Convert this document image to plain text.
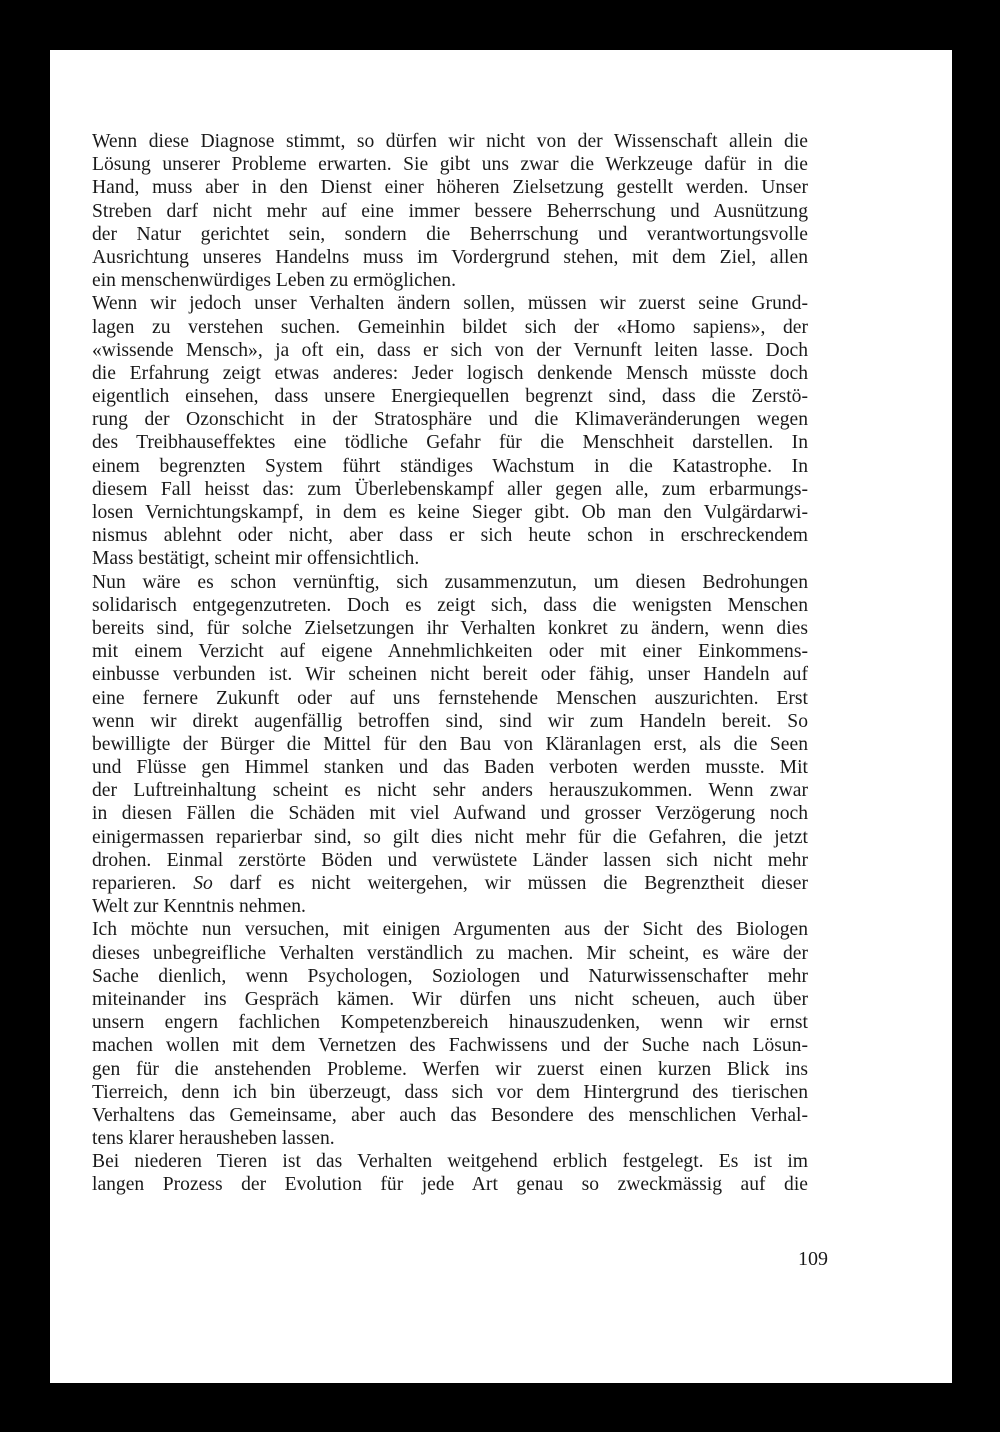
Wenn diese Diagnose stimmt, so dürfen wir nicht von der Wissenschaft allein die
Lösung unserer Probleme erwarten. Sie gibt uns zwar die Werkzeuge dafür in die
Hand, muss aber in den Dienst einer höheren Zielsetzung gestellt werden. Unser
Streben darf nicht mehr auf eine immer bessere Beherrschung und Ausnützung
der Natur gerichtet sein, sondern die Beherrschung und verantwortungsvolle
Ausrichtung unseres Handelns muss im Vordergrund stehen, mit dem Ziel, allen
ein menschenwürdiges Leben zu ermöglichen.
Wenn wir jedoch unser Verhalten ändern sollen, müssen wir zuerst seine Grund-
lagen zu verstehen suchen. Gemeinhin bildet sich der «Homo sapiens», der
«wissende Mensch», ja oft ein, dass er sich von der Vernunft leiten lasse. Doch
die Erfahrung zeigt etwas anderes: Jeder logisch denkende Mensch müsste doch
eigentlich einsehen, dass unsere Energiequellen begrenzt sind, dass die Zerstö-
rung der Ozonschicht in der Stratosphäre und die Klimaveränderungen wegen
des Treibhauseffektes eine tödliche Gefahr für die Menschheit darstellen. In
einem begrenzten System führt ständiges Wachstum in die Katastrophe. In
diesem Fall heisst das: zum Überlebenskampf aller gegen alle, zum erbarmungs-
losen Vernichtungskampf, in dem es keine Sieger gibt. Ob man den Vulgärdarwi-
nismus ablehnt oder nicht, aber dass er sich heute schon in erschreckendem
Mass bestätigt, scheint mir offensichtlich.
Nun wäre es schon vernünftig, sich zusammenzutun, um diesen Bedrohungen
solidarisch entgegenzutreten. Doch es zeigt sich, dass die wenigsten Menschen
bereits sind, für solche Zielsetzungen ihr Verhalten konkret zu ändern, wenn dies
mit einem Verzicht auf eigene Annehmlichkeiten oder mit einer Einkommens-
einbusse verbunden ist. Wir scheinen nicht bereit oder fähig, unser Handeln auf
eine fernere Zukunft oder auf uns fernstehende Menschen auszurichten. Erst
wenn wir direkt augenfällig betroffen sind, sind wir zum Handeln bereit. So
bewilligte der Bürger die Mittel für den Bau von Kläranlagen erst, als die Seen
und Flüsse gen Himmel stanken und das Baden verboten werden musste. Mit
der Luftreinhaltung scheint es nicht sehr anders herauszukommen. Wenn zwar
in diesen Fällen die Schäden mit viel Aufwand und grosser Verzögerung noch
einigermassen reparierbar sind, so gilt dies nicht mehr für die Gefahren, die jetzt
drohen. Einmal zerstörte Böden und verwüstete Länder lassen sich nicht mehr
reparieren. So darf es nicht weitergehen, wir müssen die Begrenztheit dieser
Welt zur Kenntnis nehmen.
Ich möchte nun versuchen, mit einigen Argumenten aus der Sicht des Biologen
dieses unbegreifliche Verhalten verständlich zu machen. Mir scheint, es wäre der
Sache dienlich, wenn Psychologen, Soziologen und Naturwissenschafter mehr
miteinander ins Gespräch kämen. Wir dürfen uns nicht scheuen, auch über
unsern engern fachlichen Kompetenzbereich hinauszudenken, wenn wir ernst
machen wollen mit dem Vernetzen des Fachwissens und der Suche nach Lösun-
gen für die anstehenden Probleme. Werfen wir zuerst einen kurzen Blick ins
Tierreich, denn ich bin überzeugt, dass sich vor dem Hintergrund des tierischen
Verhaltens das Gemeinsame, aber auch das Besondere des menschlichen Verhal-
tens klarer herausheben lassen.
Bei niederen Tieren ist das Verhalten weitgehend erblich festgelegt. Es ist im
langen Prozess der Evolution für jede Art genau so zweckmässig auf die
109
